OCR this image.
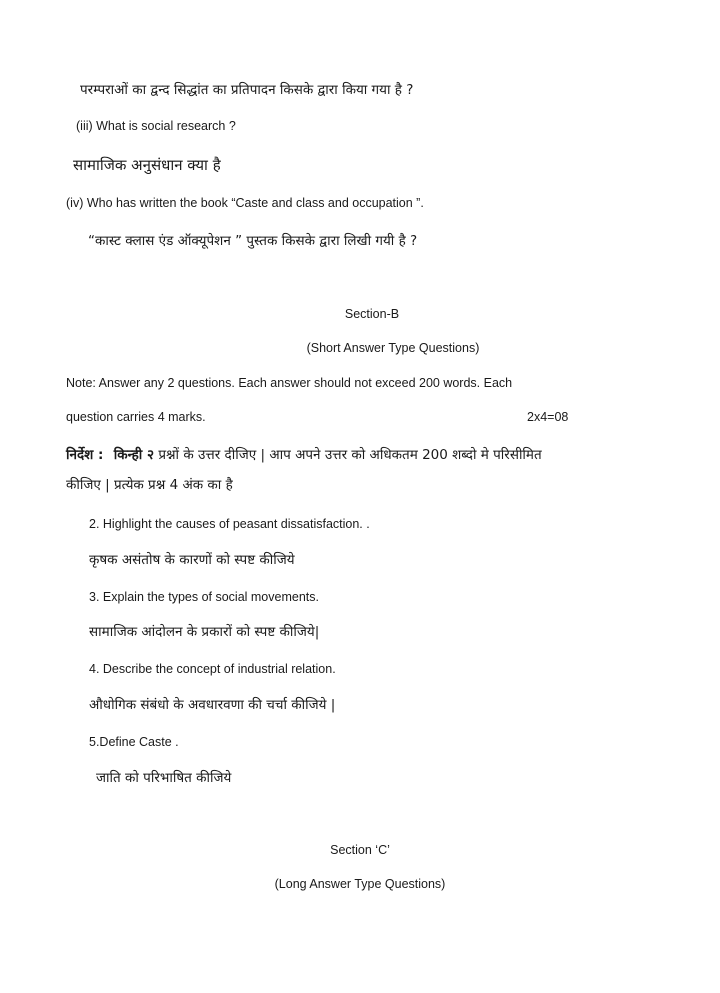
परम्पराओं का द्वन्द सिद्धांत का प्रतिपादन किसके द्वारा किया गया है ?
(iii) What is social research ?
सामाजिक अनुसंधान क्या है
(iv) Who has written the book “Caste and class and occupation ”.
“कास्ट क्लास एंड ऑक्यूपेशन ” पुस्तक किसके द्वारा लिखी गयी है ?
Section-B
(Short Answer Type Questions)
Note: Answer any 2 questions. Each answer should not exceed 200 words. Each
question carries 4 marks.	2x4=08
निर्देश : किन्ही २ प्रश्नों के उत्तर दीजिए | आप अपने उत्तर को अधिकतम 200 शब्दो मे परिसीमित
कीजिए | प्रत्येक प्रश्न 4 अंक का है
2. Highlight the causes of peasant dissatisfaction. .
कृषक असंतोष के कारणों को स्पष्ट कीजिये
3. Explain the types of social movements.
सामाजिक आंदोलन के प्रकारों को स्पष्ट कीजिये|
4. Describe the concept of industrial relation.
औधोगिक संबंधो के अवधारवणा की चर्चा कीजिये |
5.Define Caste .
जाति को परिभाषित कीजिये
Section ‘C’
(Long Answer Type Questions)
